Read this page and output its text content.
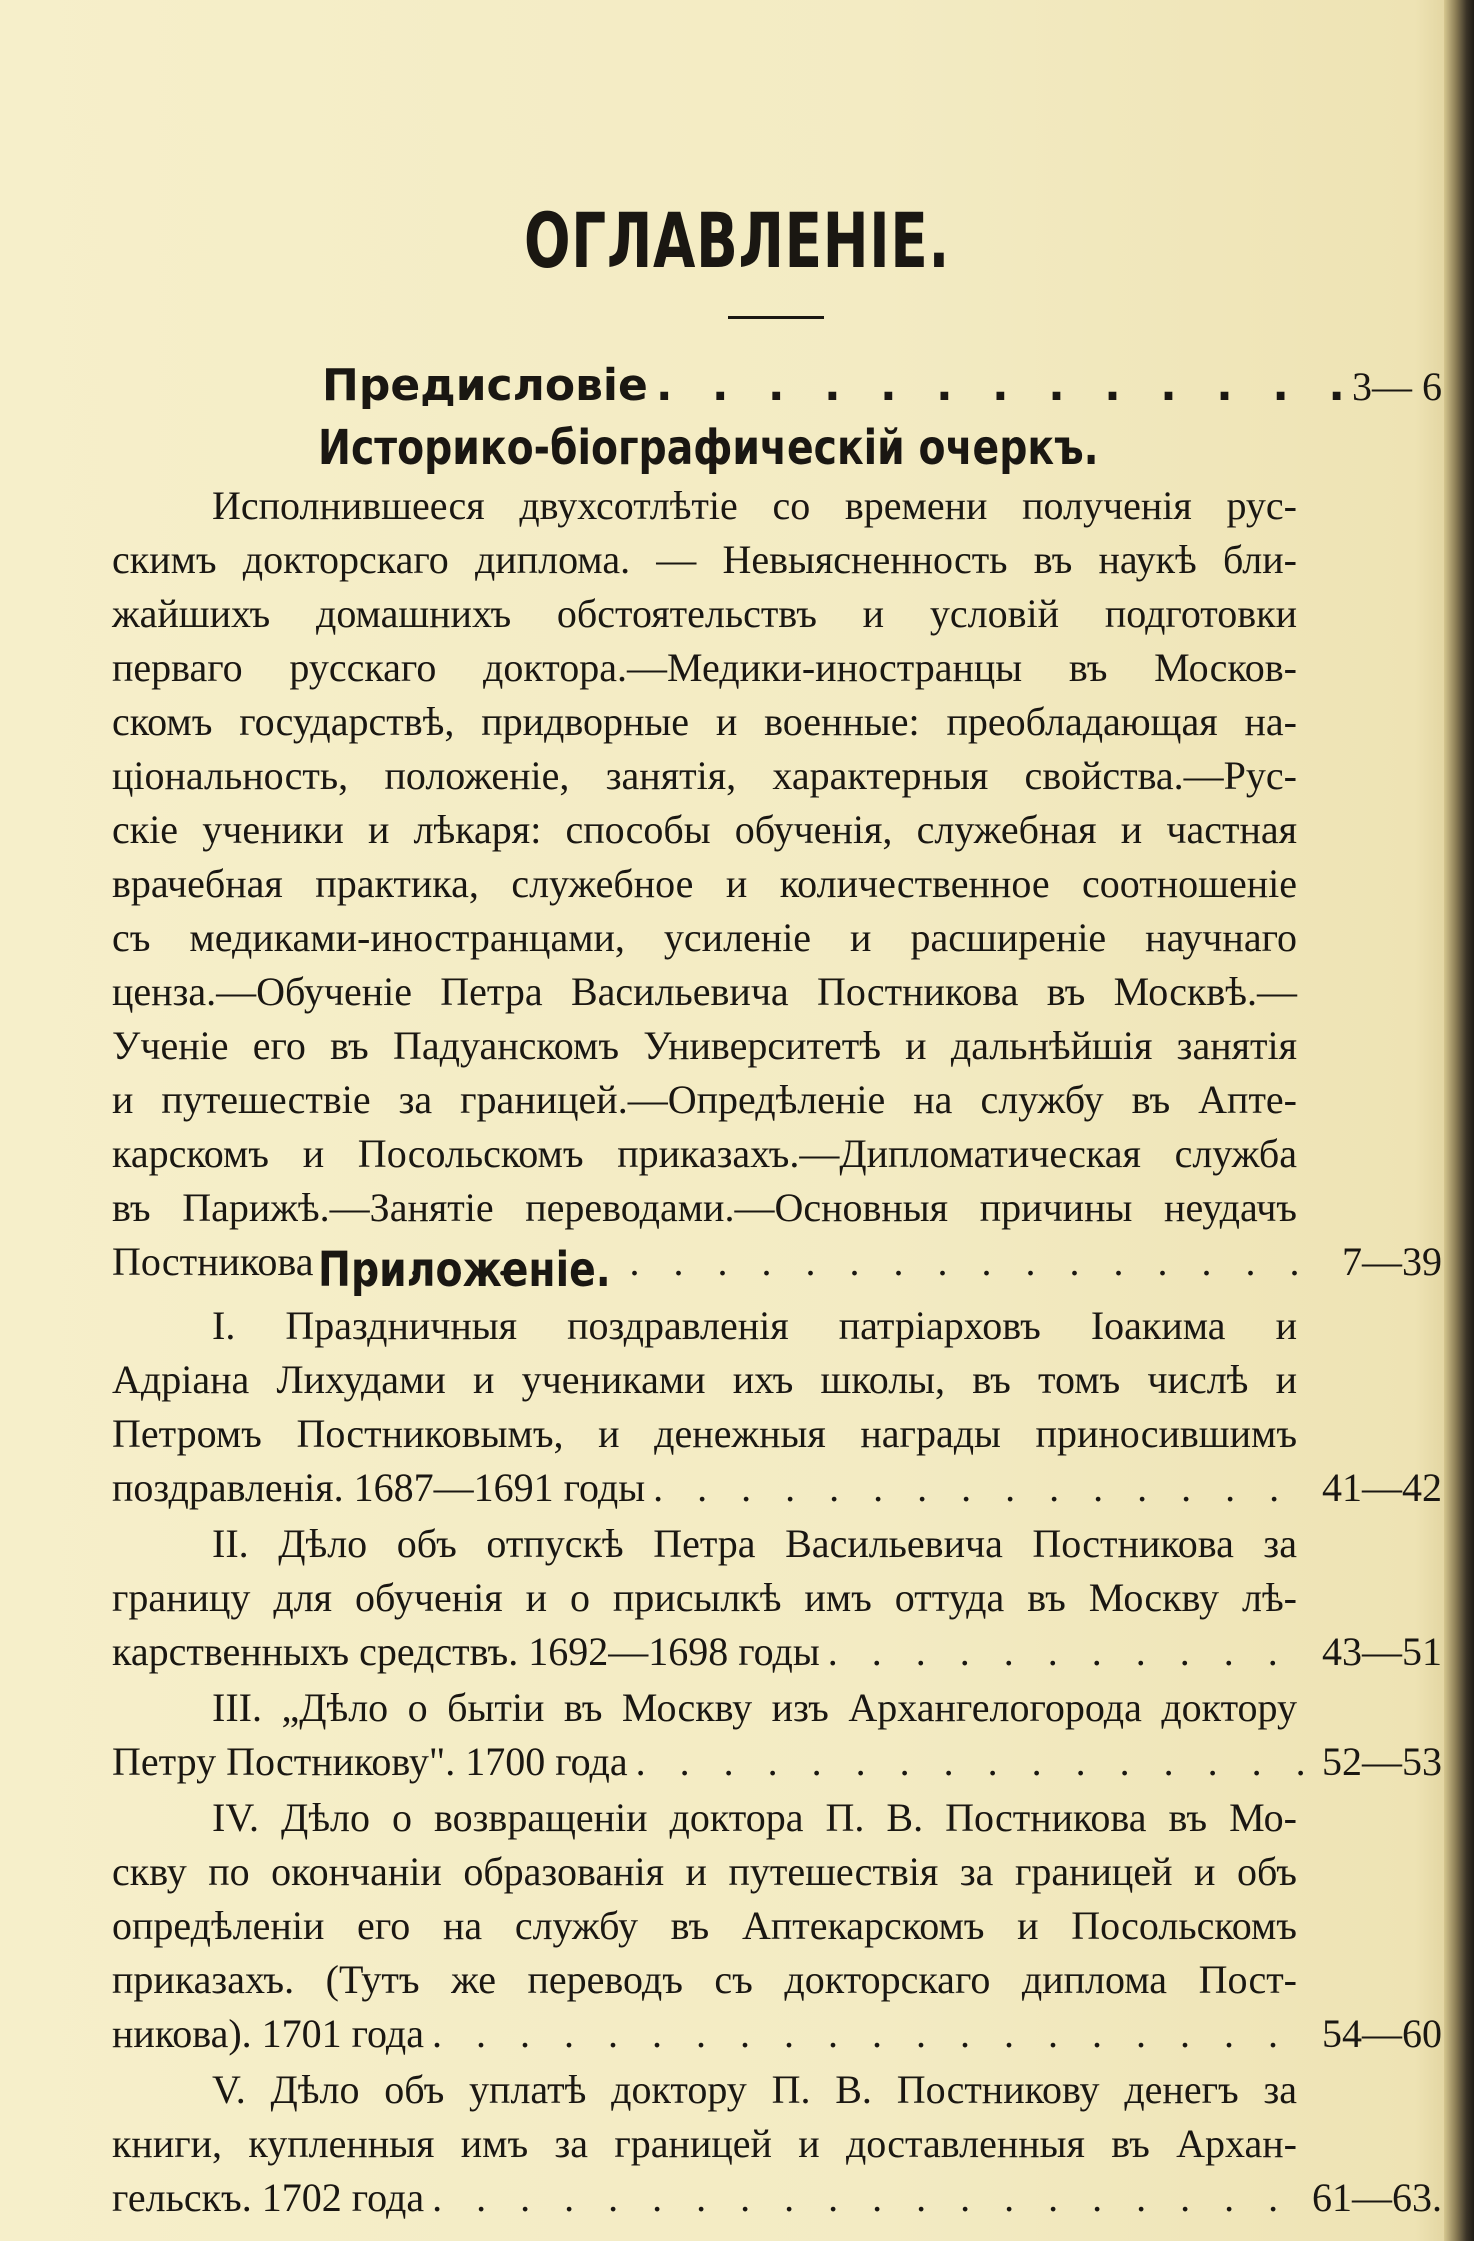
ОГЛАВЛЕНІЕ.
Предисловіе . . .	3— 6
Историко-біографическій очеркъ.
Исполнившееся двухсотлѣтіе со времени полученія рус-
скимъ докторскаго диплома. — Невыясненность въ наукѣ бли-
жайшихъ домашнихъ обстоятельствъ и условій подготовки
перваго русскаго доктора.—Медики-иностранцы въ Москов-
скомъ государствѣ, придворные и военные: преобладающая на-
ціональность, положеніе, занятія, характерныя свойства.—Рус-
скіе ученики и лѣкаря: способы обученія, служебная и частная
врачебная практика, служебное и количественное соотношеніе
съ медиками-иностранцами, усиленіе и расширеніе научнаго
ценза.—Обученіе Петра Васильевича Постникова въ Москвѣ.—
Ученіе его въ Падуанскомъ Университетѣ и дальнѣйшія занятія
и путешествіе за границей.—Опредѣленіе на службу въ Апте-
карскомъ и Посольскомъ приказахъ.—Дипломатическая служба
въ Парижѣ.—Занятіе переводами.—Основныя причины неудачъ
Постникова . . .	7—39
Приложеніе.
I. Праздничныя поздравленія патріарховъ Іоакима и
Адріана Лихудами и учениками ихъ школы, въ томъ числѣ и
Петромъ Постниковымъ, и денежныя награды приносившимъ
поздравленія. 1687—1691 годы . . .	41—42
II. Дѣло объ отпускѣ Петра Васильевича Постникова за
границу для обученія и о присылкѣ имъ оттуда въ Москву лѣ-
карственныхъ средствъ. 1692—1698 годы . . .	43—51
III. „Дѣло о бытіи въ Москву изъ Архангелогорода доктору
Петру Постникову". 1700 года . . .	52—53
IV. Дѣло о возвращеніи доктора П. В. Постникова въ Мо-
скву по окончаніи образованія и путешествія за границей и объ
опредѣленіи его на службу въ Аптекарскомъ и Посольскомъ
приказахъ. (Тутъ же переводъ съ докторскаго диплома Пост-
никова). 1701 года . . .	54—60
V. Дѣло объ уплатѣ доктору П. В. Постникову денегъ за
книги, купленныя имъ за границей и доставленныя въ Архан-
гельскъ. 1702 года . . .	61—63.
